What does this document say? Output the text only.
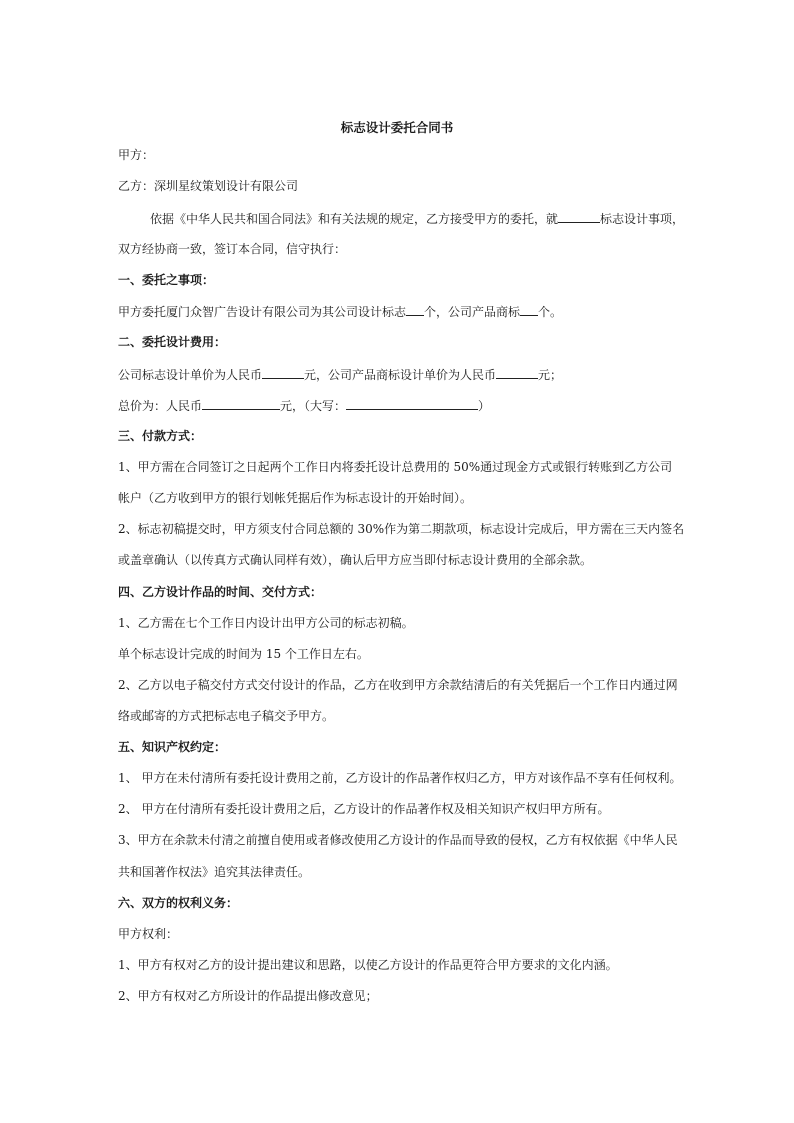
标志设计委托合同书
甲方：
乙方：深圳星纹策划设计有限公司
依据《中华人民共和国合同法》和有关法规的规定，乙方接受甲方的委托，就	标志设计事项，
双方经协商一致，签订本合同，信守执行：
一、委托之事项：
甲方委托厦门众智广告设计有限公司为其公司设计标志 个，公司产品商标 个。
二、委托设计费用：
公司标志设计单价为人民币	元，公司产品商标设计单价为人民币	元；
总价为：人民币	元，（大写：	）
三、付款方式：
1、甲方需在合同签订之日起两个工作日内将委托设计总费用的 50%通过现金方式或银行转账到乙方公司
帐户（乙方收到甲方的银行划帐凭据后作为标志设计的开始时间）。
2、标志初稿提交时，甲方须支付合同总额的 30%作为第二期款项，标志设计完成后，甲方需在三天内签名
或盖章确认（以传真方式确认同样有效），确认后甲方应当即付标志设计费用的全部余款。
四、乙方设计作品的时间、交付方式：
1、乙方需在七个工作日内设计出甲方公司的标志初稿。
单个标志设计完成的时间为 15 个工作日左右。
2、乙方以电子稿交付方式交付设计的作品，乙方在收到甲方余款结清后的有关凭据后一个工作日内通过网
络或邮寄的方式把标志电子稿交予甲方。
五、知识产权约定：
1、 甲方在未付清所有委托设计费用之前，乙方设计的作品著作权归乙方，甲方对该作品不享有任何权利。
2、 甲方在付清所有委托设计费用之后，乙方设计的作品著作权及相关知识产权归甲方所有。
3、甲方在余款未付清之前擅自使用或者修改使用乙方设计的作品而导致的侵权，乙方有权依据《中华人民
共和国著作权法》追究其法律责任。
六、双方的权利义务：
甲方权利：
1、甲方有权对乙方的设计提出建议和思路，以使乙方设计的作品更符合甲方要求的文化内涵。
2、甲方有权对乙方所设计的作品提出修改意见；
